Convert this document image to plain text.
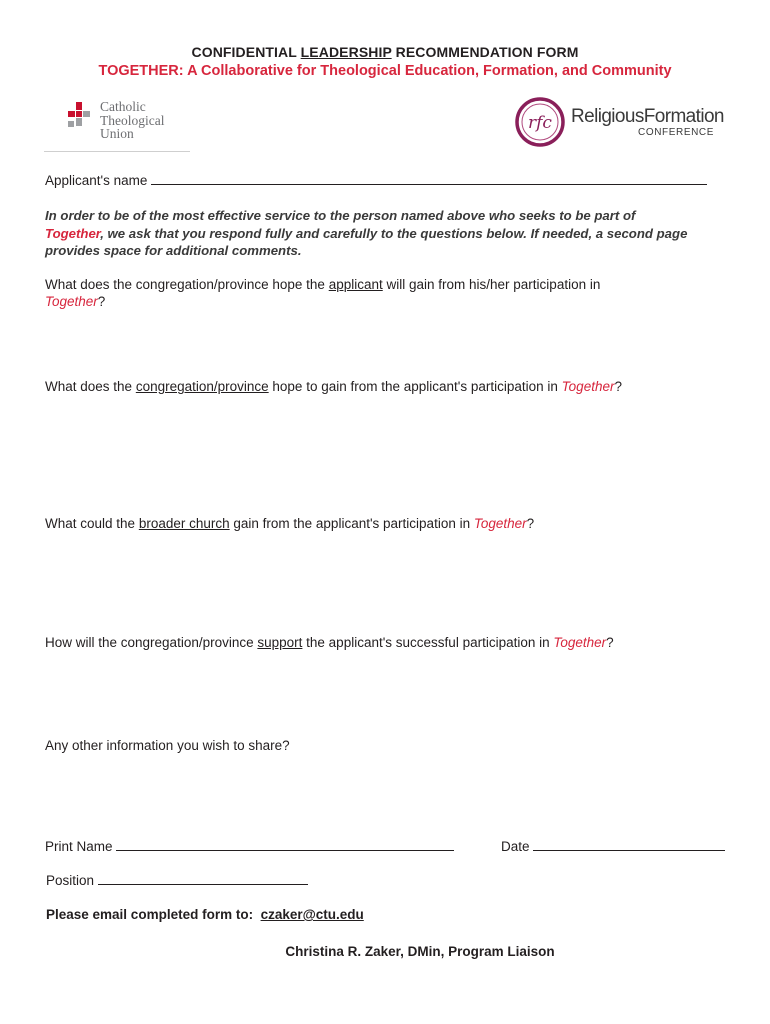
CONFIDENTIAL LEADERSHIP RECOMMENDATION FORM
TOGETHER: A Collaborative for Theological Education, Formation, and Community
Catholic
Theological
Union
rfc ReligiousFormation
CONFERENCE
Applicant's name
In order to be of the most effective service to the person named above who seeks to be part of
Together, we ask that you respond fully and carefully to the questions below. If needed, a second page
provides space for additional comments.
What does the congregation/province hope the applicant will gain from his/her participation in
Together?
What does the congregation/province hope to gain from the applicant's participation in Together?
What could the broader church gain from the applicant's participation in Together?
How will the congregation/province support the applicant's successful participation in Together?
Any other information you wish to share?
Print Name	Date
Position
Please email completed form to: czaker@ctu.edu
Christina R. Zaker, DMin, Program Liaison
